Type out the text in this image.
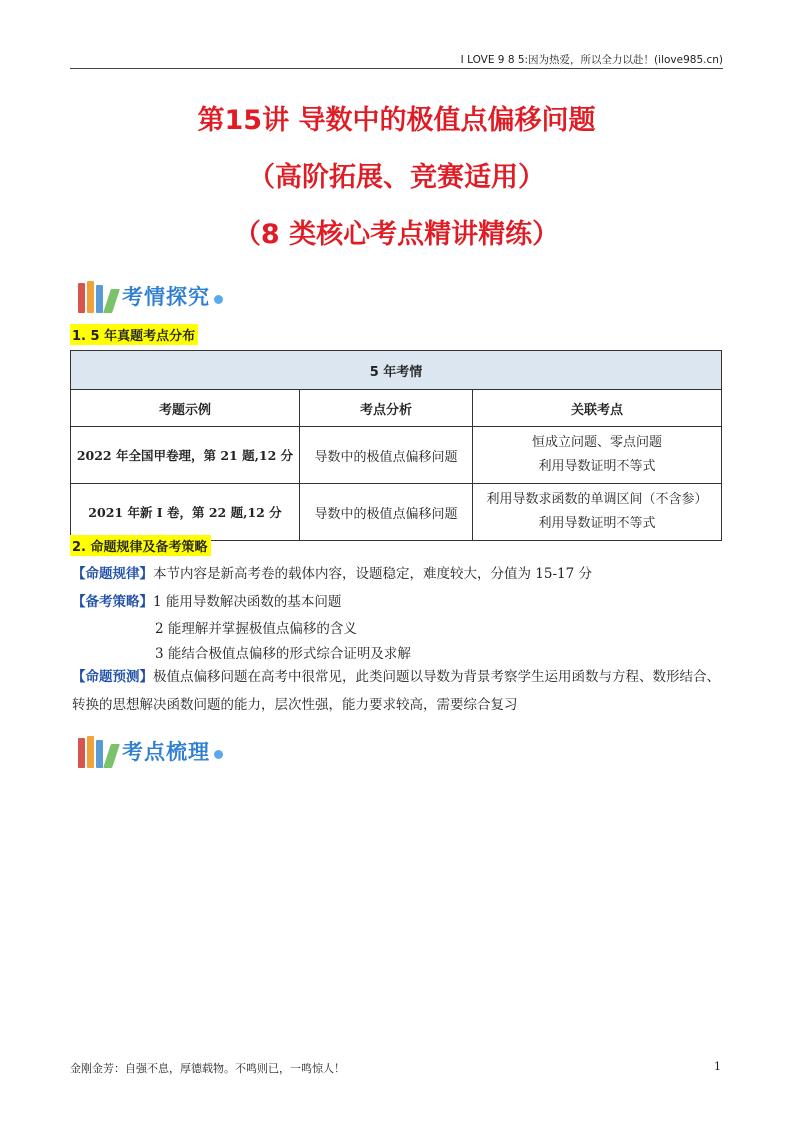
I LOVE 9 8 5:因为热爱，所以全力以赴！(ilove985.cn)
第15讲 导数中的极值点偏移问题
（高阶拓展、竞赛适用）
（8 类核心考点精讲精练）
考情探究
1. 5 年真题考点分布
5 年考情		
考题示例	考点分析	关联考点
2022 年全国甲卷理，第 21 题,12 分	导数中的极值点偏移问题	恒成立问题、零点问题
利用导数证明不等式

2021 年新 I 卷，第 22 题,12 分	导数中的极值点偏移问题	利用导数求函数的单调区间（不含参）
利用导数证明不等式
2. 命题规律及备考策略
【命题规律】本节内容是新高考卷的载体内容，设题稳定，难度较大，分值为 15-17 分
【备考策略】1 能用导数解决函数的基本问题
2 能理解并掌握极值点偏移的含义
3 能结合极值点偏移的形式综合证明及求解
【命题预测】极值点偏移问题在高考中很常见，此类问题以导数为背景考察学生运用函数与方程、数形结合、转换的思想解决函数问题的能力，层次性强，能力要求较高，需要综合复习
考点梳理
金刚金芳：自强不息，厚德载物。不鸣则已，一鸣惊人！	1
